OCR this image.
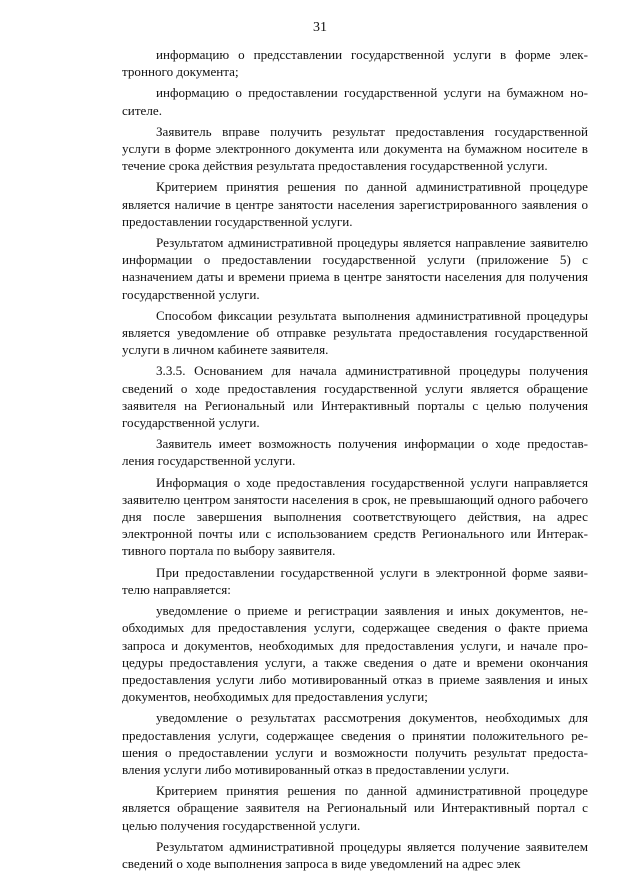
31

информацию о предсставлении государственной услуги в форме электронного документа;

информацию о предоставлении государственной услуги на бумажном носителе.

Заявитель вправе получить результат предоставления государственной услуги в форме электронного документа или документа на бумажном носителе в течение срока действия результата предоставления государственной услуги.

Критерием принятия решения по данной административной процедуре является наличие в центре занятости населения зарегистрированного заявления о предоставлении государственной услуги.

Результатом административной процедуры является направление заявителю информации о предоставлении государственной услуги (приложение 5) с назначением даты и времени приема в центре занятости населения для получения государственной услуги.

Способом фиксации результата выполнения административной процедуры является уведомление об отправке результата предоставления государственной услуги в личном кабинете заявителя.

3.3.5. Основанием для начала административной процедуры получения сведений о ходе предоставления государственной услуги является обращение заявителя на Региональный или Интерактивный порталы с целью получения государственной услуги.

Заявитель имеет возможность получения информации о ходе предоставления государственной услуги.

Информация о ходе предоставления государственной услуги направляется заявителю центром занятости населения в срок, не превышающий одного рабочего дня после завершения выполнения соответствующего действия, на адрес электронной почты или с использованием средств Регионального или Интерактивного портала по выбору заявителя.

При предоставлении государственной услуги в электронной форме заявителю направляется:

уведомление о приеме и регистрации заявления и иных документов, необходимых для предоставления услуги, содержащее сведения о факте приема запроса и документов, необходимых для предоставления услуги, и начале процедуры предоставления услуги, а также сведения о дате и времени окончания предоставления услуги либо мотивированный отказ в приеме заявления и иных документов, необходимых для предоставления услуги;

уведомление о результатах рассмотрения документов, необходимых для предоставления услуги, содержащее сведения о принятии положительного решения о предоставлении услуги и возможности получить результат предоставления услуги либо мотивированный отказ в предоставлении услуги.

Критерием принятия решения по данной административной процедуре является обращение заявителя на Региональный или Интерактивный портал с целью получения государственной услуги.

Результатом административной процедуры является получение заявителем сведений о ходе выполнения запроса в виде уведомлений на адрес элек
